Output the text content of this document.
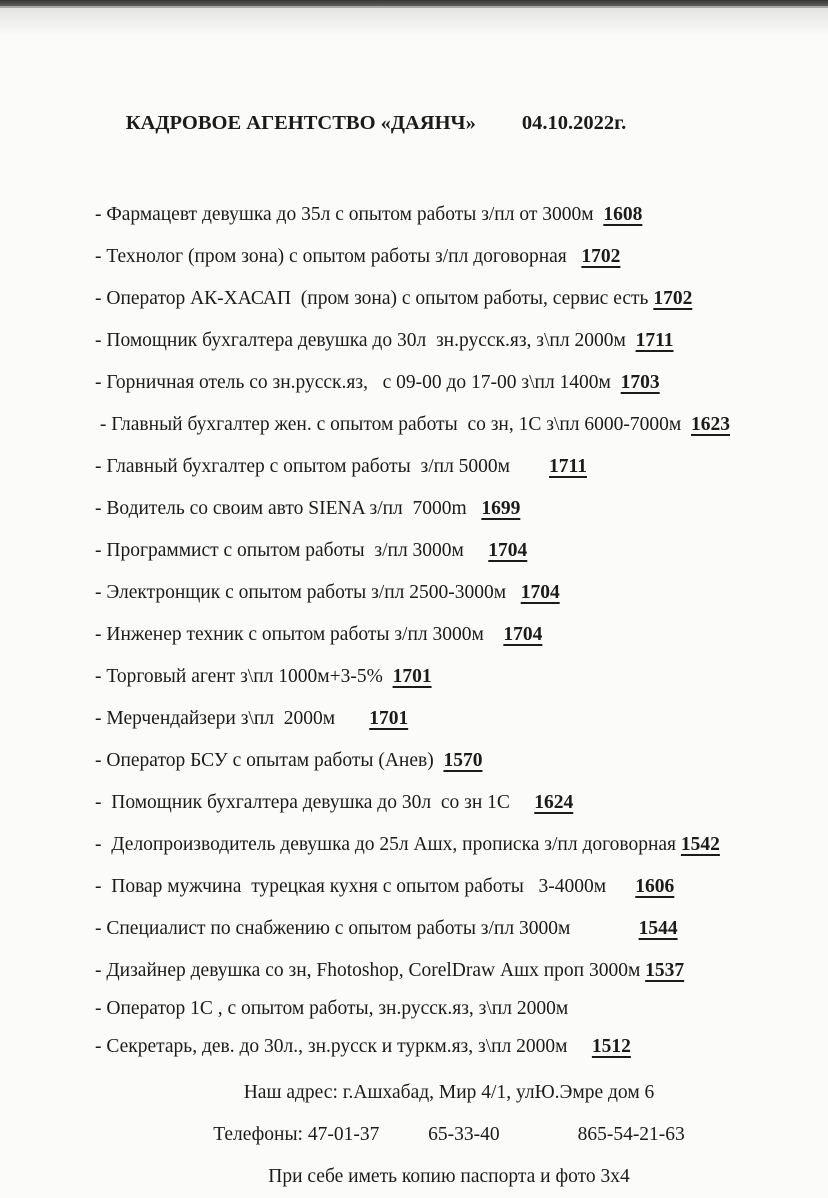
КАДРОВОЕ АГЕНТСТВО «ДАЯНЧ» 04.10.2022г.

- Фармацевт девушка до 35л с опытом работы з/пл от 3000м  1608
- Технолог (пром зона) с опытом работы з/пл договорная   1702
- Оператор АК-ХАСАП  (пром зона) с опытом работы, сервис есть 1702
- Помощник бухгалтера девушка до 30л  зн.русск.яз, з\пл 2000м  1711
- Горничная отель со зн.русск.яз,   с 09-00 до 17-00 з\пл 1400м  1703
- Главный бухгалтер жен. с опытом работы  со зн, 1С з\пл 6000-7000м  1623
- Главный бухгалтер с опытом работы  з/пл 5000м        1711
- Водитель со своим авто SIENA з/пл  7000m   1699
- Программист с опытом работы  з/пл 3000м     1704
- Электронщик с опытом работы з/пл 2500-3000м   1704
- Инженер техник с опытом работы з/пл 3000м    1704
- Торговый агент з\пл 1000м+3-5%  1701
- Мерчендайзери з\пл  2000м       1701
- Оператор БСУ с опытам работы (Анев)  1570
-  Помощник бухгалтера девушка до 30л  со зн 1С     1624
-  Делопроизводитель девушка до 25л Ашх, прописка з/пл договорная 1542
-  Повар мужчина  турецкая кухня с опытом работы   3-4000м      1606
- Специалист по снабжению с опытом работы з/пл 3000м              1544
- Дизайнер девушка со зн, Fhotoshop, CorelDraw Ашх проп 3000м 1537
- Оператор 1С , с опытом работы, зн.русск.яз, з\пл 2000м
- Секретарь, дев. до 30л., зн.русск и туркм.яз, з\пл 2000м     1512
Наш адрес: г.Ашхабад, Мир 4/1, улЮ.Эмре дом 6
Телефоны: 47-01-37          65-33-40                865-54-21-63
При себе иметь копию паспорта и фото 3х4
